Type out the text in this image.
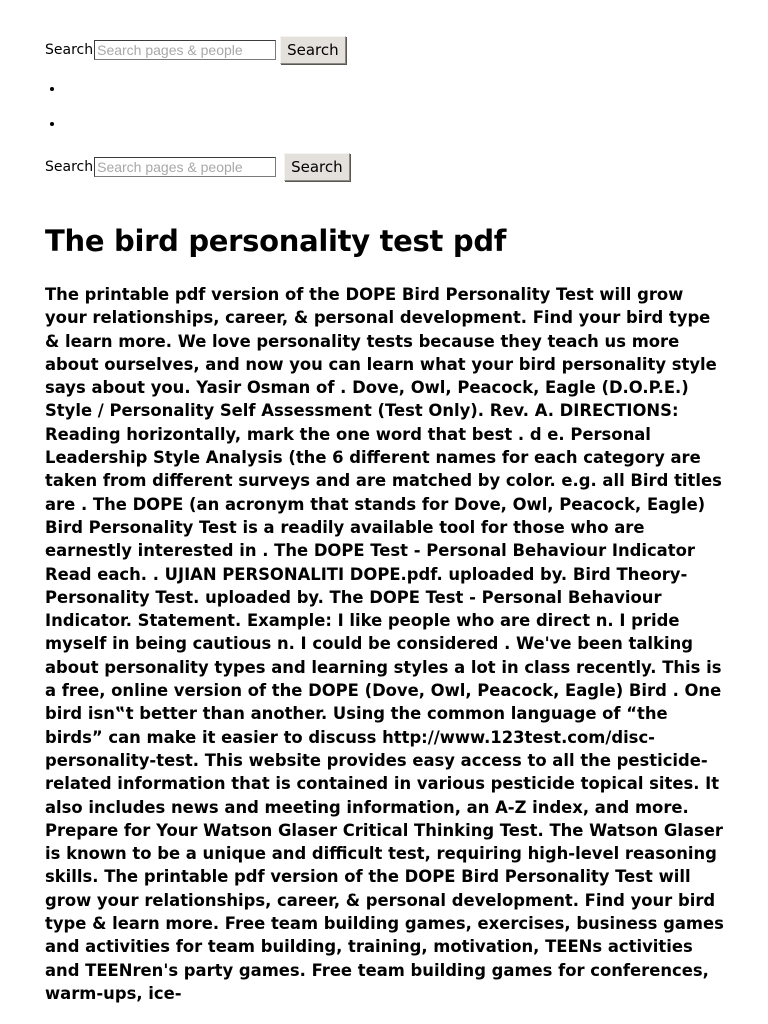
Search
Search pages & people	Search
Search
Search pages & people	Search
The bird personality test pdf

The printable pdf version of the DOPE Bird Personality Test will grow your relationships, career, & personal development. Find your bird type & learn more. We love personality tests because they teach us more about ourselves, and now you can learn what your bird personality style says about you. Yasir Osman of . Dove, Owl, Peacock, Eagle (D.O.P.E.) Style / Personality Self Assessment (Test Only). Rev. A. DIRECTIONS: Reading horizontally, mark the one word that best . d e. Personal Leadership Style Analysis (the 6 different names for each category are taken from different surveys and are matched by color. e.g. all Bird titles are . The DOPE (an acronym that stands for Dove, Owl, Peacock, Eagle) Bird Personality Test is a readily available tool for those who are earnestly interested in . The DOPE Test - Personal Behaviour Indicator Read each. . UJIAN PERSONALITI DOPE.pdf. uploaded by. Bird Theory-Personality Test. uploaded by. The DOPE Test - Personal Behaviour Indicator. Statement. Example: I like people who are direct n. I pride myself in being cautious n. I could be considered . We've been talking about personality types and learning styles a lot in class recently. This is a free, online version of the DOPE (Dove, Owl, Peacock, Eagle) Bird . One bird isn‟t better than another. Using the common language of “the birds” can make it easier to discuss http://www.123test.com/disc-personality-test. This website provides easy access to all the pesticide-related information that is contained in various pesticide topical sites. It also includes news and meeting information, an A-Z index, and more. Prepare for Your Watson Glaser Critical Thinking Test. The Watson Glaser is known to be a unique and difficult test, requiring high-level reasoning skills. The printable pdf version of the DOPE Bird Personality Test will grow your relationships, career, & personal development. Find your bird type & learn more. Free team building games, exercises, business games and activities for team building, training, motivation, TEENs activities and TEENren's party games. Free team building games for conferences, warm-ups, ice-
